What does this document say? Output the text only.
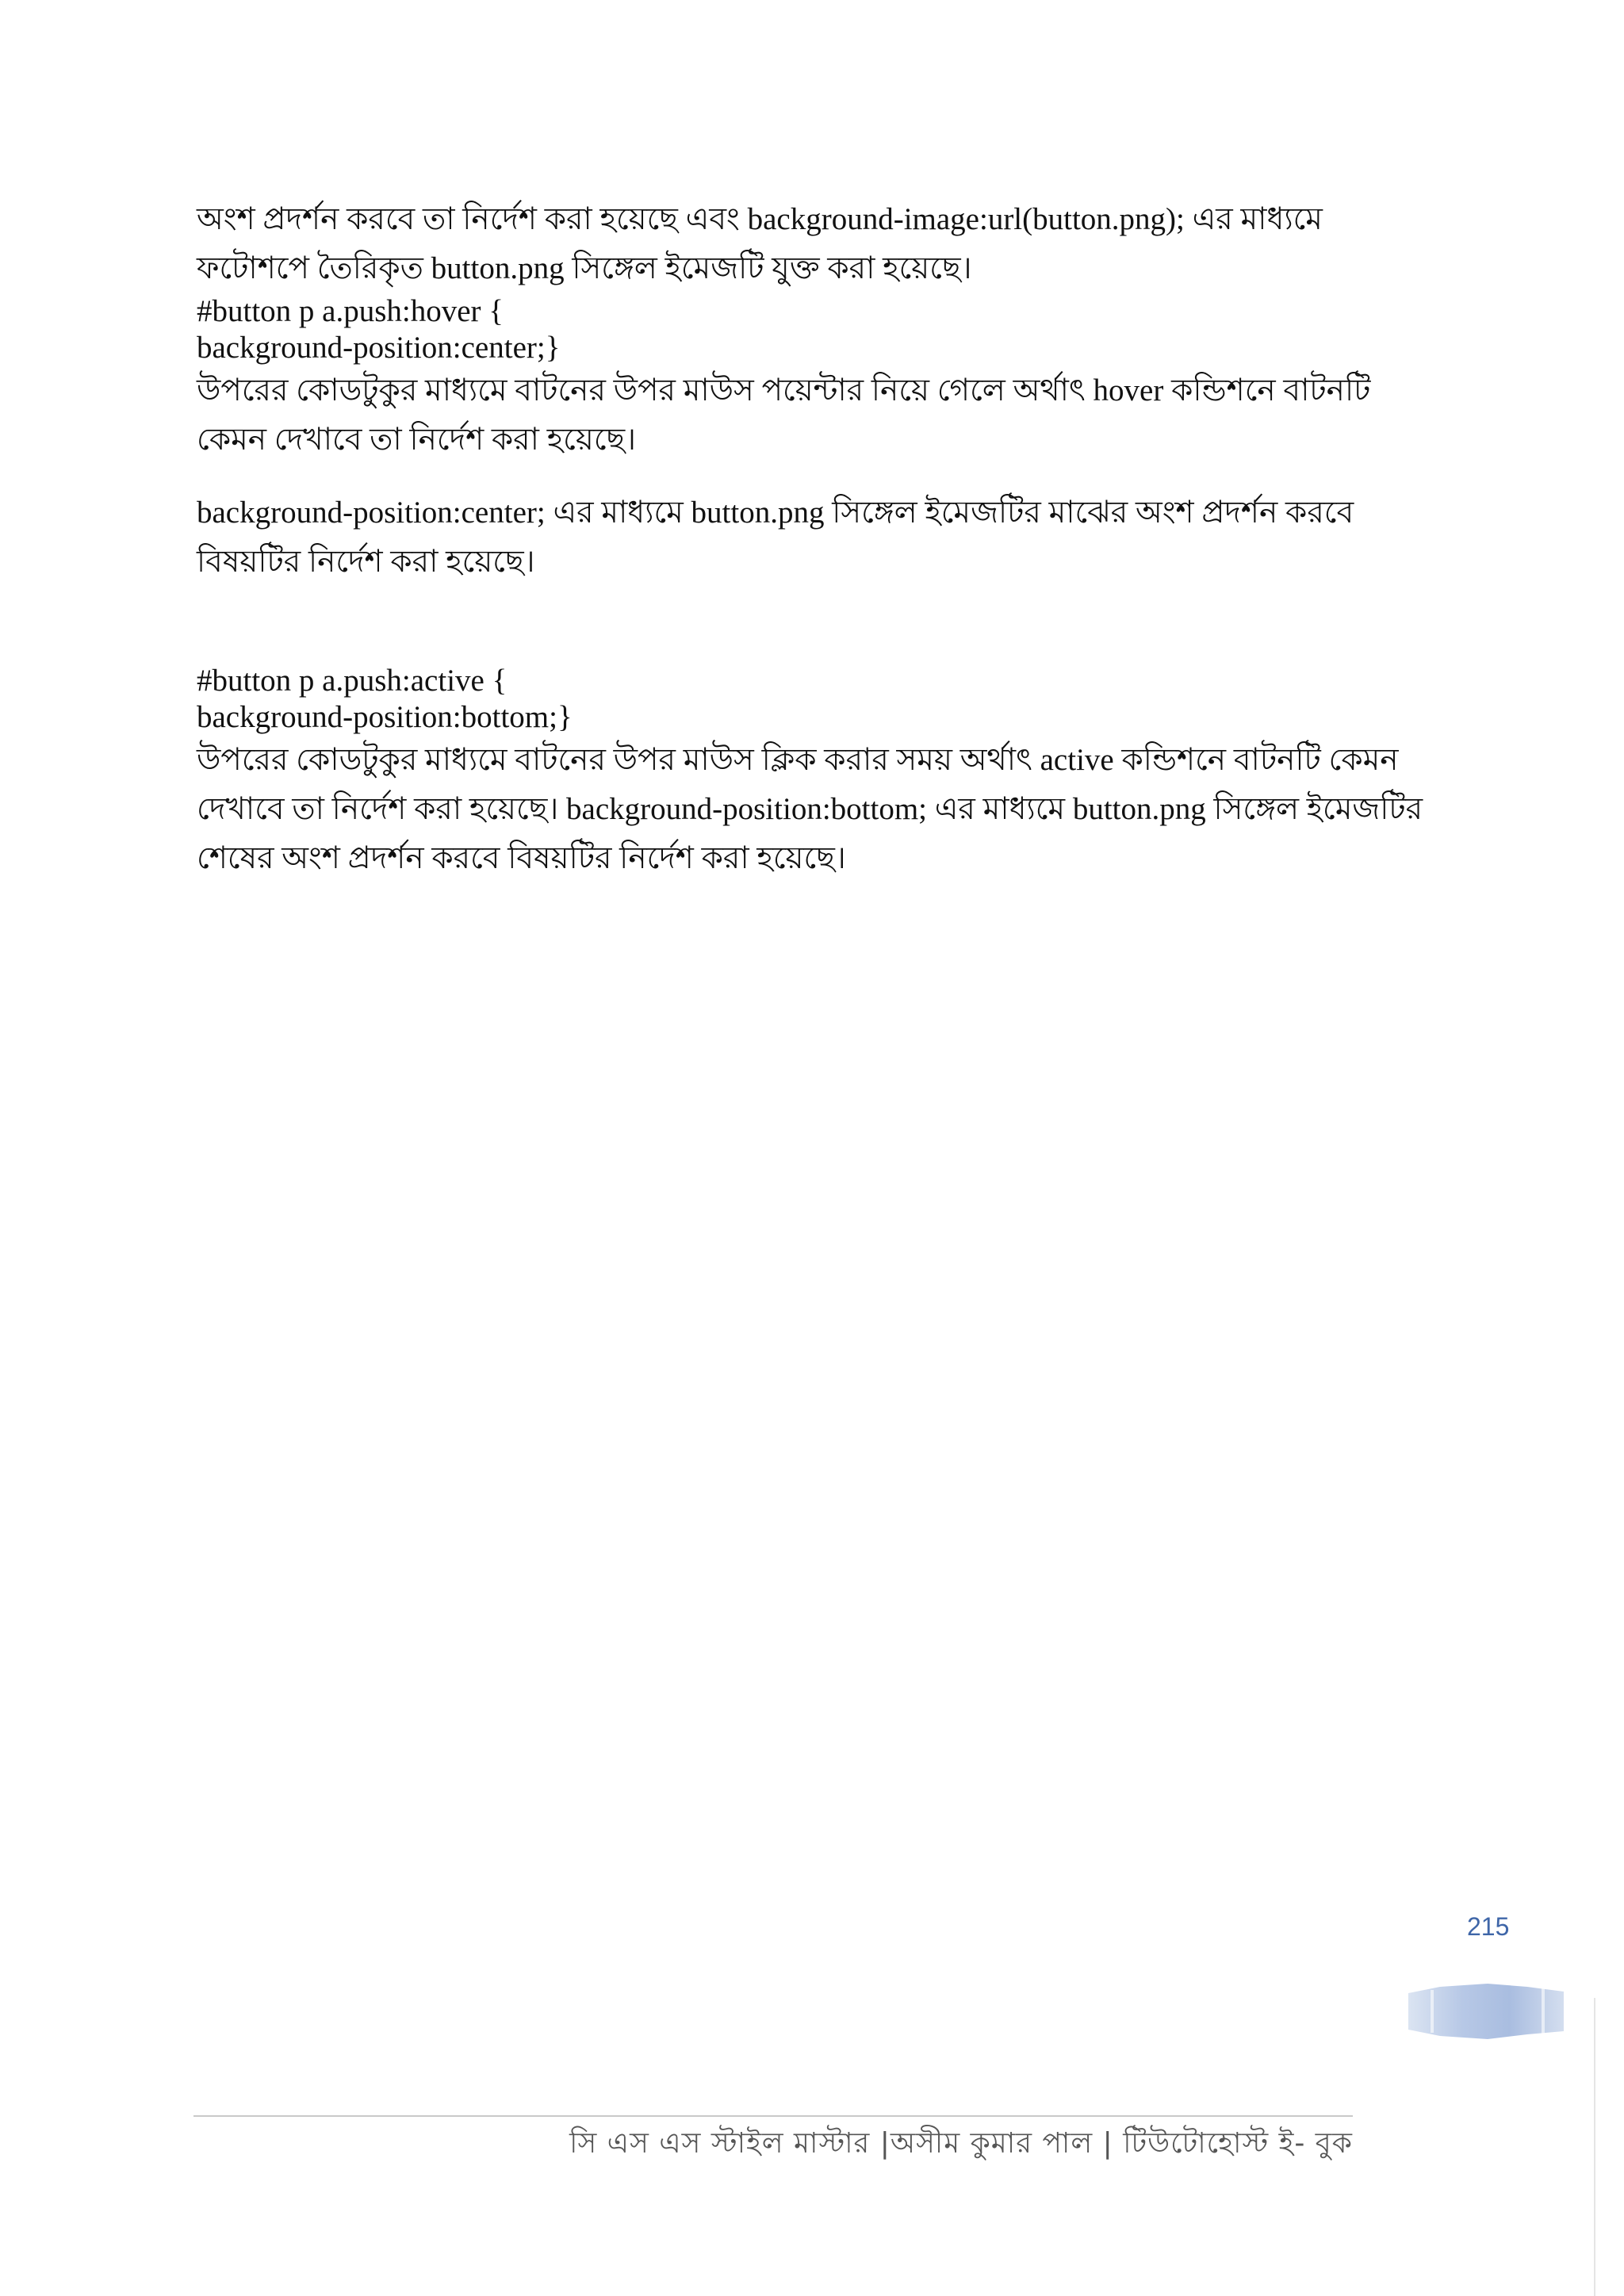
অংশ প্রদর্শন করবে তা নির্দেশ করা হয়েছে এবং background-image:url(button.png); এর মাধ্যমে ফটোশপে তৈরিকৃত button.png সিঙ্গেল ইমেজটি যুক্ত করা হয়েছে।

#button p a.push:hover {

background-position:center;}

উপরের কোডটুকুর মাধ্যমে বাটনের উপর মাউস পয়েন্টার নিয়ে গেলে অর্থাৎ hover কন্ডিশনে বাটনটি কেমন দেখাবে তা নির্দেশ করা হয়েছে।

background-position:center; এর মাধ্যমে button.png সিঙ্গেল ইমেজটির মাঝের অংশ প্রদর্শন করবে বিষয়টির নির্দেশ করা হয়েছে।

#button p a.push:active {

background-position:bottom;}

উপরের কোডটুকুর মাধ্যমে বাটনের উপর মাউস ক্লিক করার সময় অর্থাৎ active কন্ডিশনে বাটনটি কেমন দেখাবে তা নির্দেশ করা হয়েছে। background-position:bottom; এর মাধ্যমে button.png সিঙ্গেল ইমেজটির শেষের অংশ প্রদর্শন করবে বিষয়টির নির্দেশ করা হয়েছে।

215
সি এস এস স্টাইল মাস্টার |অসীম কুমার পাল | টিউটোহোস্ট ই- বুক
